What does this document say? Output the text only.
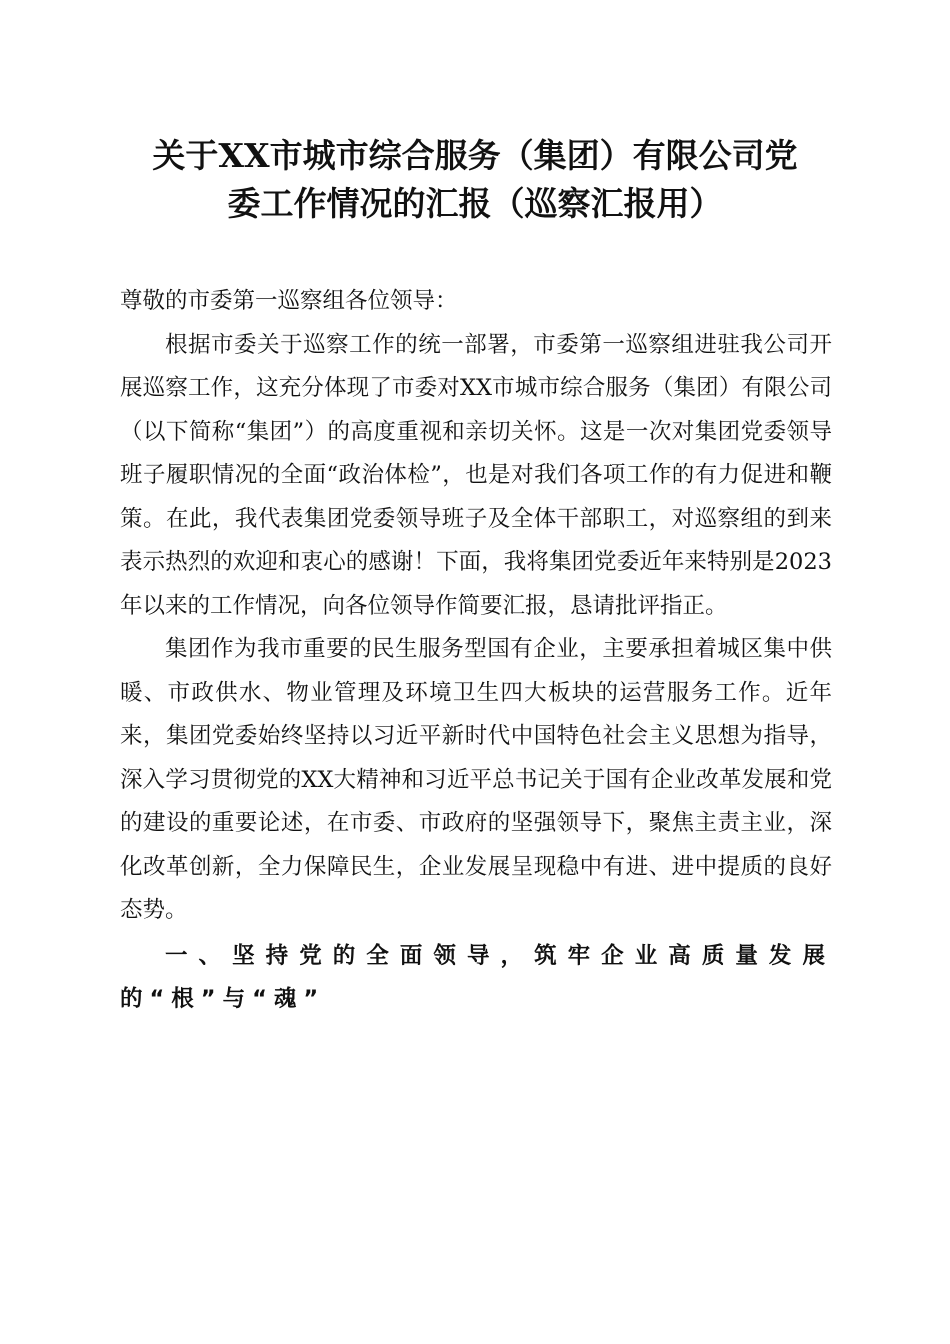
关于XX市城市综合服务（集团）有限公司党
委工作情况的汇报（巡察汇报用）

尊敬的市委第一巡察组各位领导：

根据市委关于巡察工作的统一部署，市委第一巡察组进驻我公司开展巡察工作，这充分体现了市委对XX市城市综合服务（集团）有限公司（以下简称“集团”）的高度重视和亲切关怀。这是一次对集团党委领导班子履职情况的全面“政治体检”，也是对我们各项工作的有力促进和鞭策。在此，我代表集团党委领导班子及全体干部职工，对巡察组的到来表示热烈的欢迎和衷心的感谢！下面，我将集团党委近年来特别是2023年以来的工作情况，向各位领导作简要汇报，恳请批评指正。

集团作为我市重要的民生服务型国有企业，主要承担着城区集中供暖、市政供水、物业管理及环境卫生四大板块的运营服务工作。近年来，集团党委始终坚持以习近平新时代中国特色社会主义思想为指导，深入学习贯彻党的XX大精神和习近平总书记关于国有企业改革发展和党的建设的重要论述，在市委、市政府的坚强领导下，聚焦主责主业，深化改革创新，全力保障民生，企业发展呈现稳中有进、进中提质的良好态势。

一、坚持党的全面领导，筑牢企业高质量发展的“根”与“魂”
